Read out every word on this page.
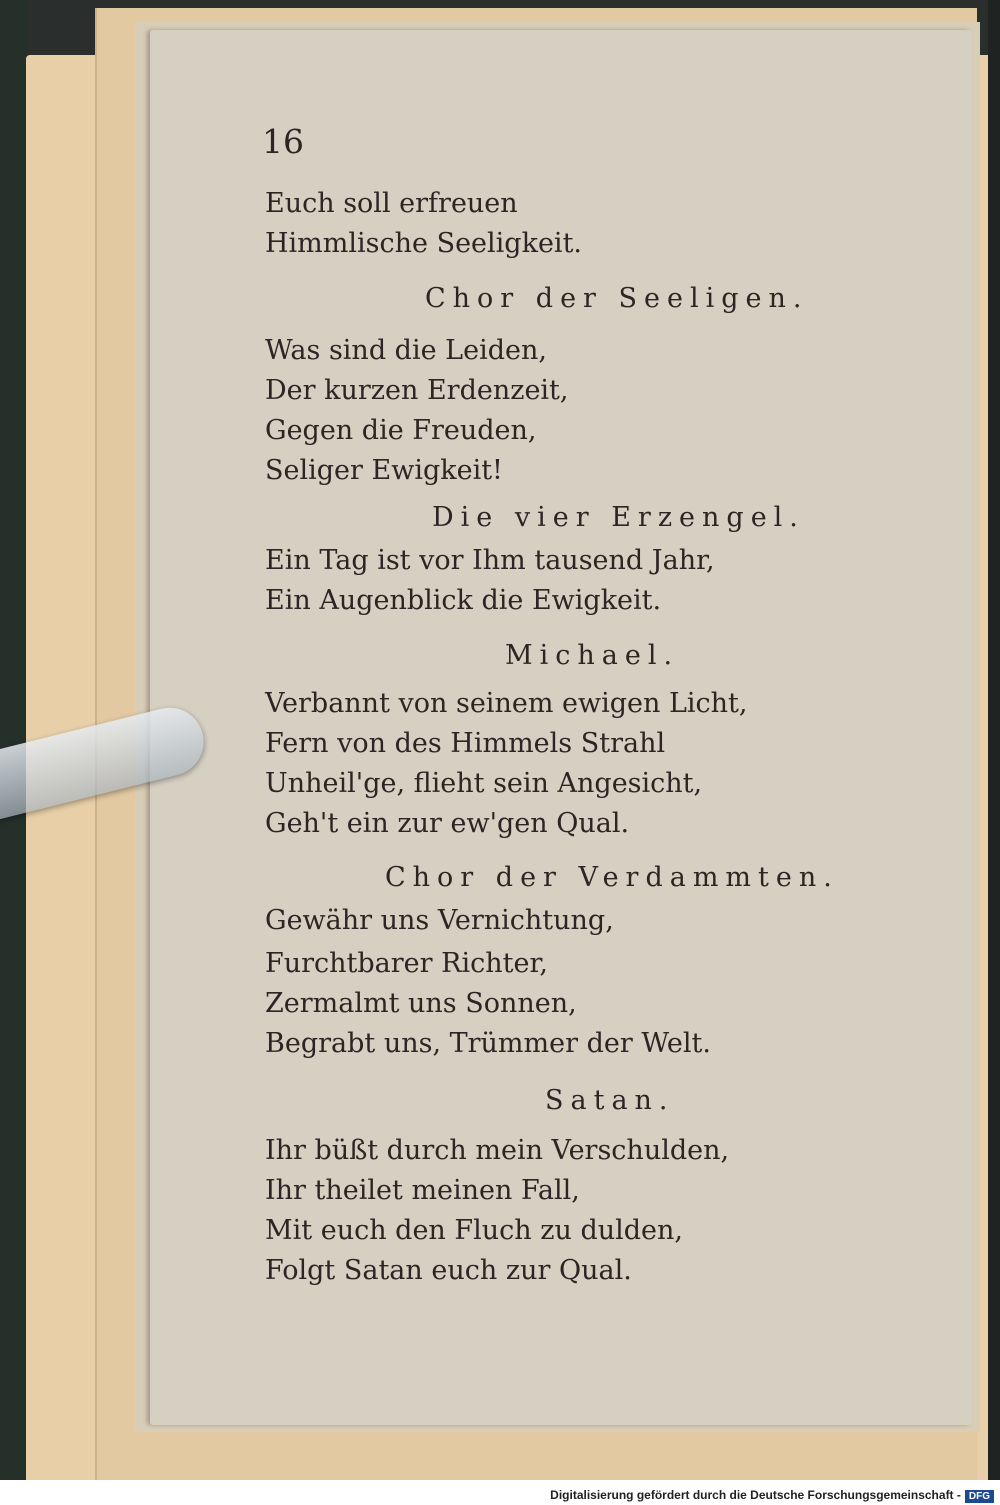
16
Euch soll erfreuen
Himmlische Seeligkeit.
Chor der Seeligen.
Was sind die Leiden,
Der kurzen Erdenzeit,
Gegen die Freuden,
Seliger Ewigkeit!
Die vier Erzengel.
Ein Tag ist vor Ihm tausend Jahr,
Ein Augenblick die Ewigkeit.
Michael.
Verbannt von seinem ewigen Licht,
Fern von des Himmels Strahl
Unheil'ge, flieht sein Angesicht,
Geh't ein zur ew'gen Qual.
Chor der Verdammten.
Gewähr uns Vernichtung,
Furchtbarer Richter,
Zermalmt uns Sonnen,
Begrabt uns, Trümmer der Welt.
Satan.
Ihr büßt durch mein Verschulden,
Ihr theilet meinen Fall,
Mit euch den Fluch zu dulden,
Folgt Satan euch zur Qual.
$_{Digitalisierung gefördert durch die Deutsche Forschungsgemeinschaft -}$ DFG
